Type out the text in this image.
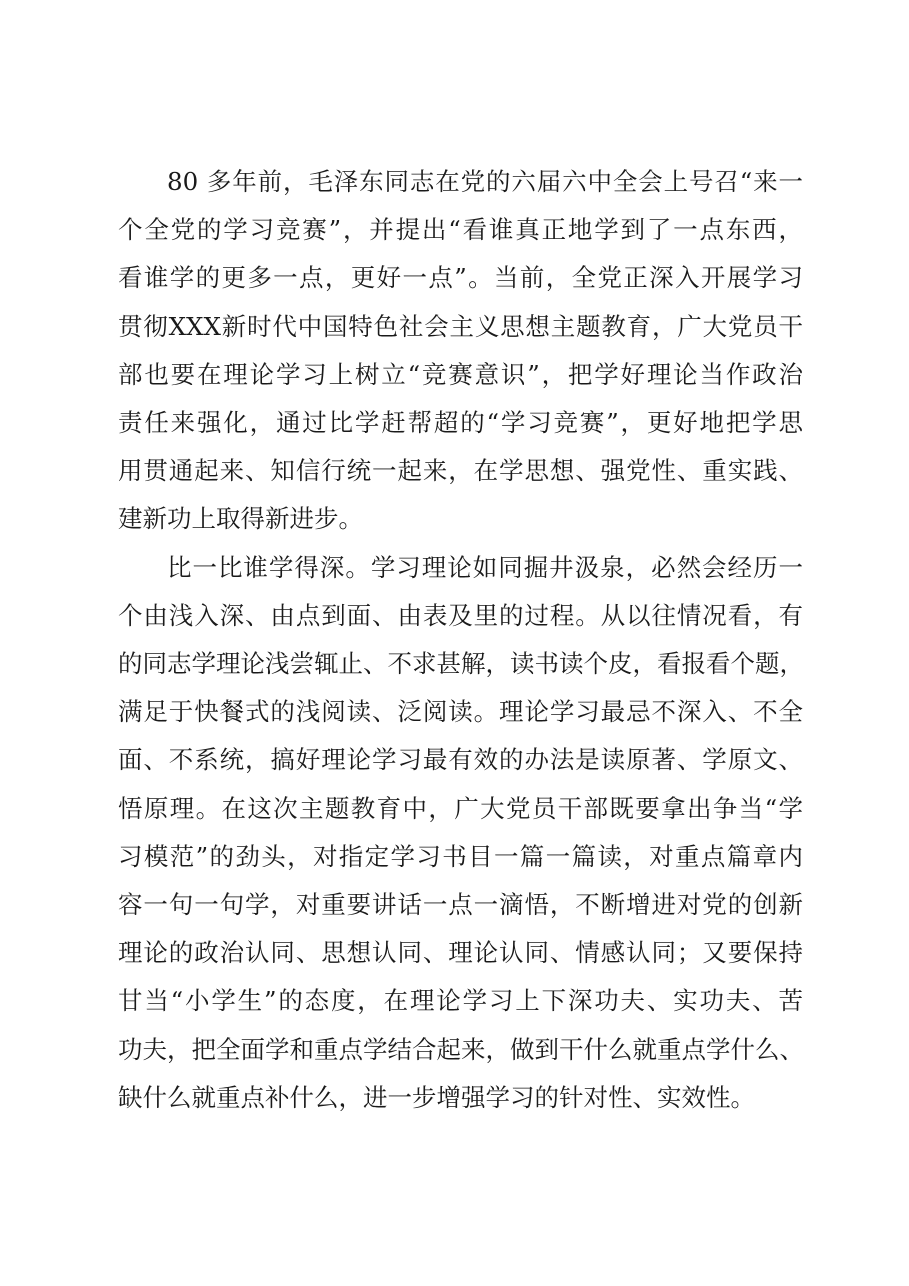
80 多年前，毛泽东同志在党的六届六中全会上号召“来一
个全党的学习竞赛”，并提出“看谁真正地学到了一点东西，
看谁学的更多一点，更好一点”。当前，全党正深入开展学习
贯彻XXX新时代中国特色社会主义思想主题教育，广大党员干
部也要在理论学习上树立“竞赛意识”，把学好理论当作政治
责任来强化，通过比学赶帮超的“学习竞赛”，更好地把学思
用贯通起来、知信行统一起来，在学思想、强党性、重实践、
建新功上取得新进步。
比一比谁学得深。学习理论如同掘井汲泉，必然会经历一
个由浅入深、由点到面、由表及里的过程。从以往情况看，有
的同志学理论浅尝辄止、不求甚解，读书读个皮，看报看个题，
满足于快餐式的浅阅读、泛阅读。理论学习最忌不深入、不全
面、不系统，搞好理论学习最有效的办法是读原著、学原文、
悟原理。在这次主题教育中，广大党员干部既要拿出争当“学
习模范”的劲头，对指定学习书目一篇一篇读，对重点篇章内
容一句一句学，对重要讲话一点一滴悟，不断增进对党的创新
理论的政治认同、思想认同、理论认同、情感认同；又要保持
甘当“小学生”的态度，在理论学习上下深功夫、实功夫、苦
功夫，把全面学和重点学结合起来，做到干什么就重点学什么、
缺什么就重点补什么，进一步增强学习的针对性、实效性。
